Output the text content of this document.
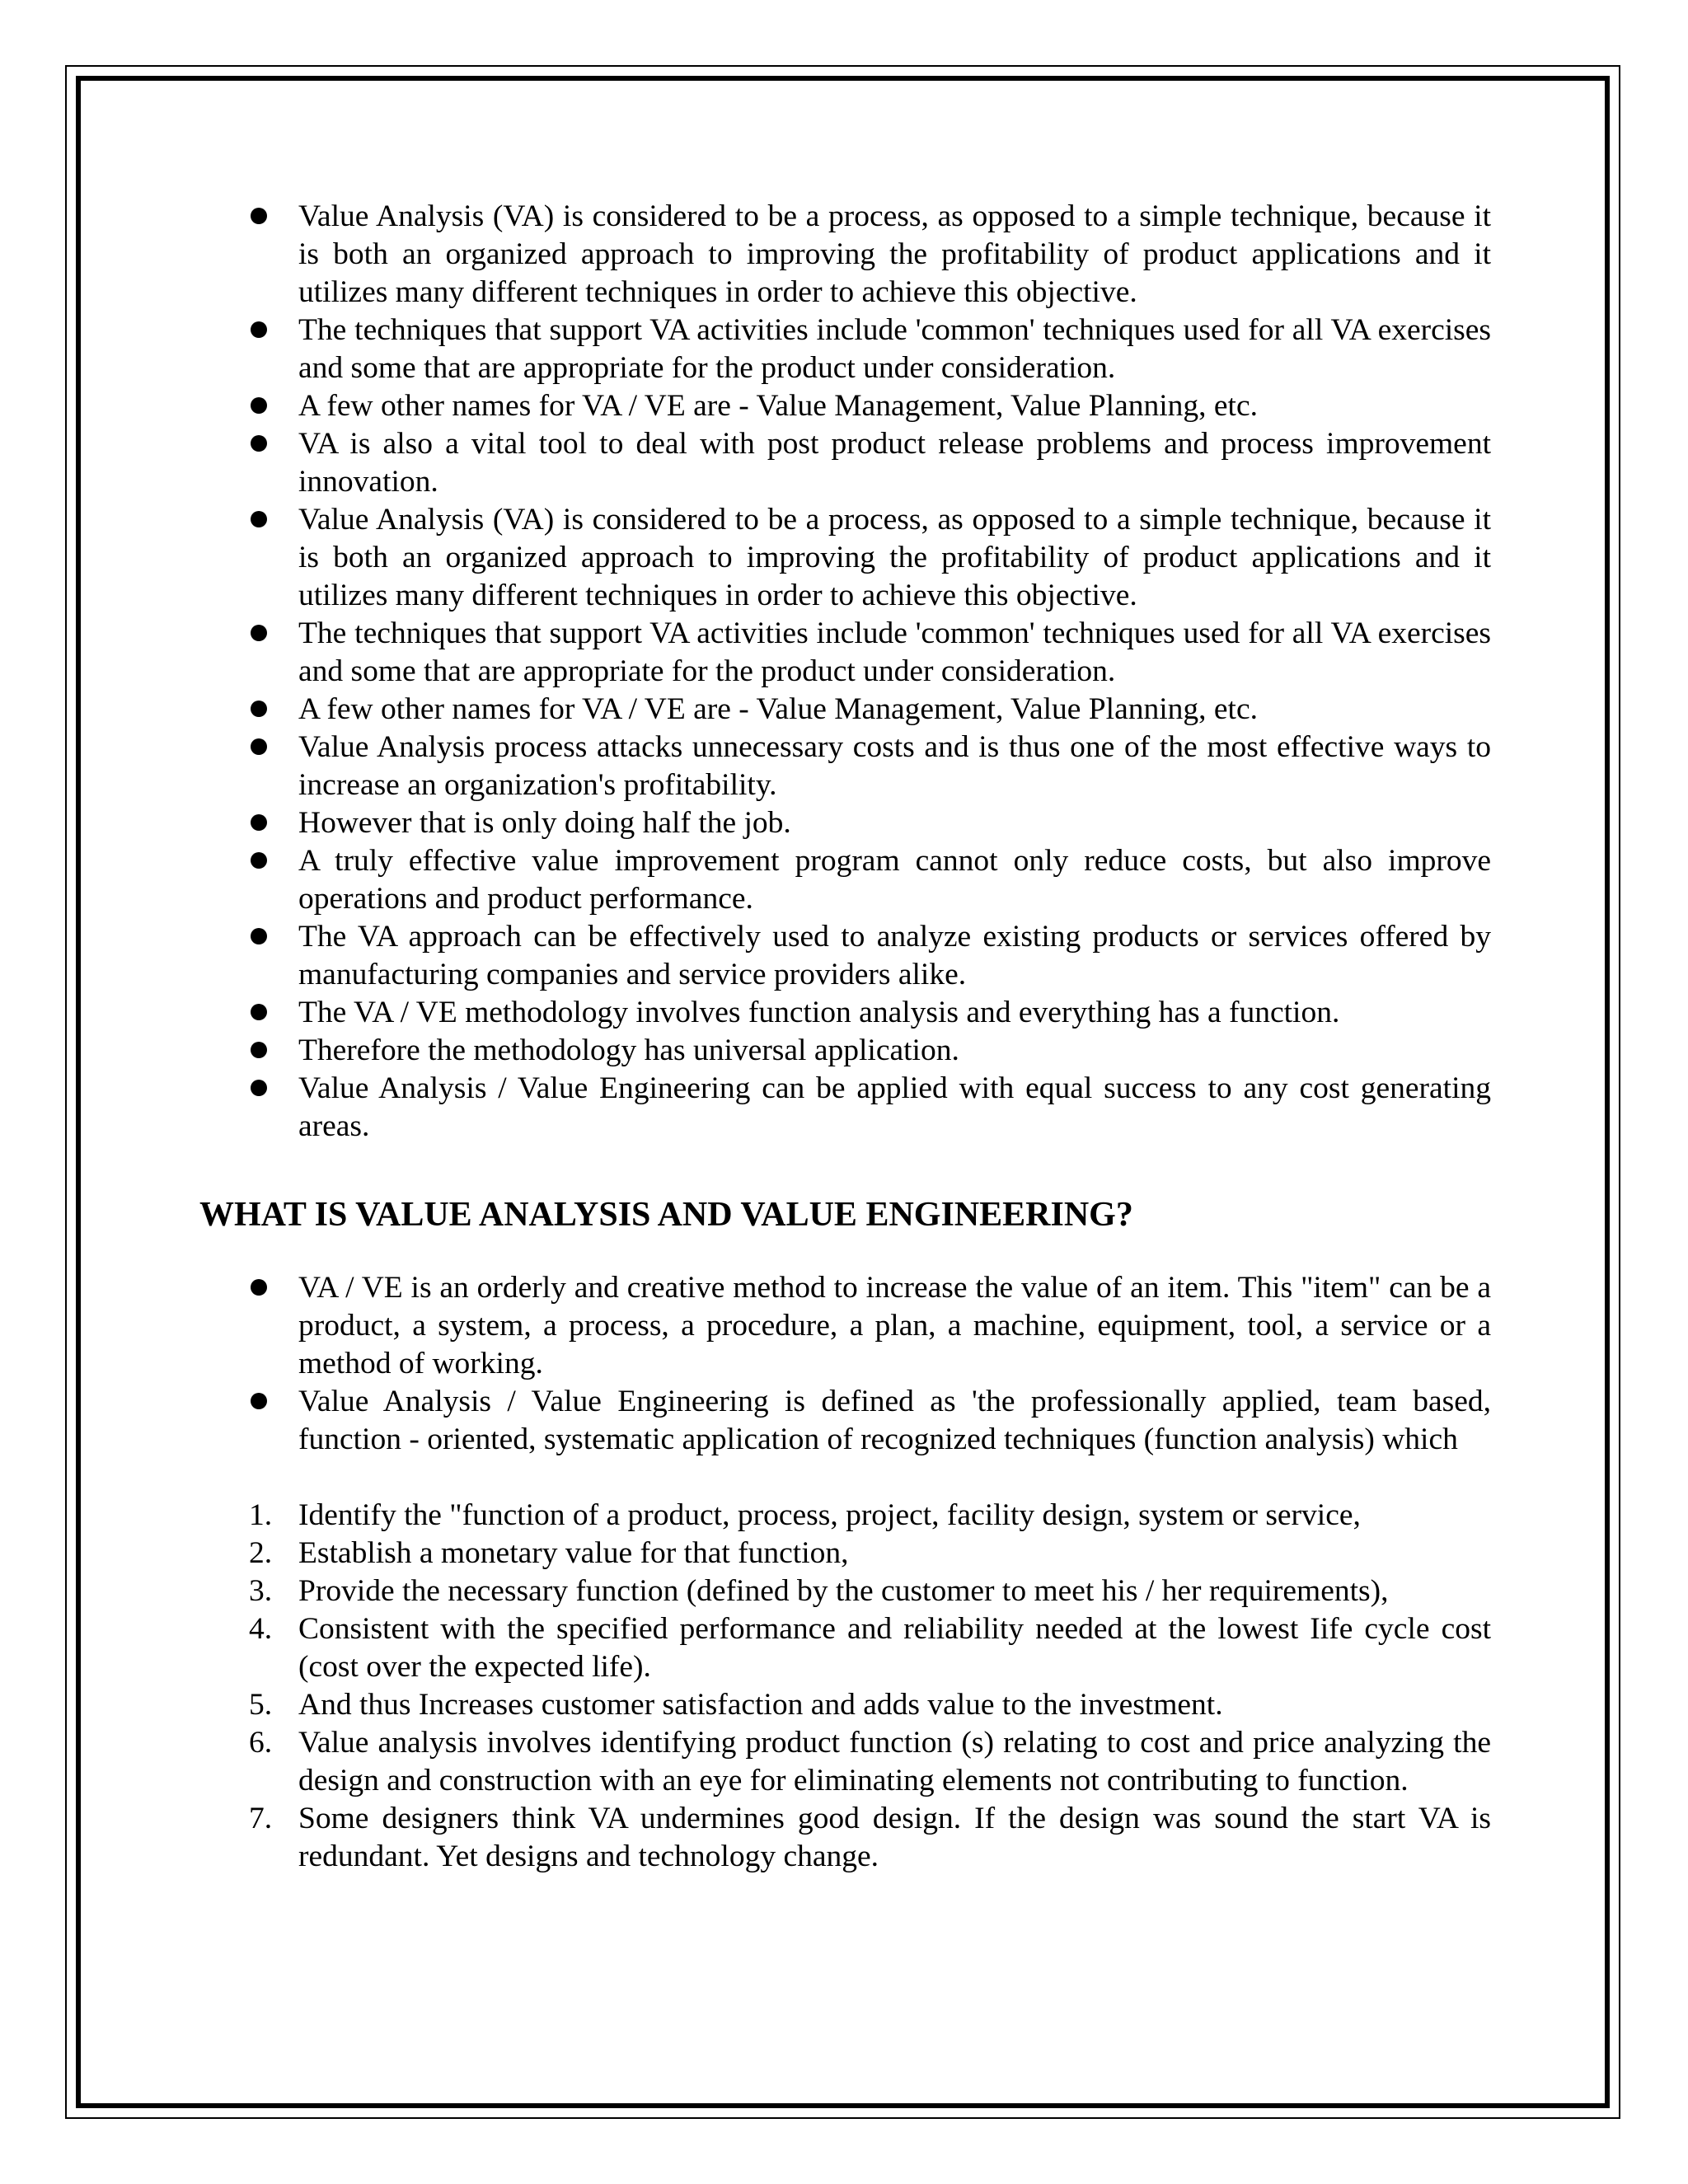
Value Analysis (VA) is considered to be a process, as opposed to a simple technique, because it is both an organized approach to improving the profitability of product applications and it utilizes many different techniques in order to achieve this objective.
The techniques that support VA activities include 'common' techniques used for all VA exercises and some that are appropriate for the product under consideration.
A few other names for VA / VE are - Value Management, Value Planning, etc.
VA is also a vital tool to deal with post product release problems and process improvement innovation.
Value Analysis (VA) is considered to be a process, as opposed to a simple technique, because it is both an organized approach to improving the profitability of product applications and it utilizes many different techniques in order to achieve this objective.
The techniques that support VA activities include 'common' techniques used for all VA exercises and some that are appropriate for the product under consideration.
A few other names for VA / VE are - Value Management, Value Planning, etc.
Value Analysis process attacks unnecessary costs and is thus one of the most effective ways to increase an organization's profitability.
However that is only doing half the job.
A truly effective value improvement program cannot only reduce costs, but also improve operations and product performance.
The VA approach can be effectively used to analyze existing products or services offered by manufacturing companies and service providers alike.
The VA / VE methodology involves function analysis and everything has a function.
Therefore the methodology has universal application.
Value Analysis / Value Engineering can be applied with equal success to any cost generating areas.
WHAT IS VALUE ANALYSIS AND VALUE ENGINEERING?
VA / VE is an orderly and creative method to increase the value of an item. This "item" can be a product, a system, a process, a procedure, a plan, a machine, equipment, tool, a service or a method of working.
Value Analysis / Value Engineering is defined as 'the professionally applied, team based, function - oriented, systematic application of recognized techniques (function analysis) which
1. Identify the "function of a product, process, project, facility design, system or service,
2. Establish a monetary value for that function,
3. Provide the necessary function (defined by the customer to meet his / her requirements),
4. Consistent with the specified performance and reliability needed at the lowest Iife cycle cost (cost over the expected life).
5. And thus Increases customer satisfaction and adds value to the investment.
6. Value analysis involves identifying product function (s) relating to cost and price analyzing the design and construction with an eye for eliminating elements not contributing to function.
7. Some designers think VA undermines good design. If the design was sound the start VA is redundant. Yet designs and technology change.
